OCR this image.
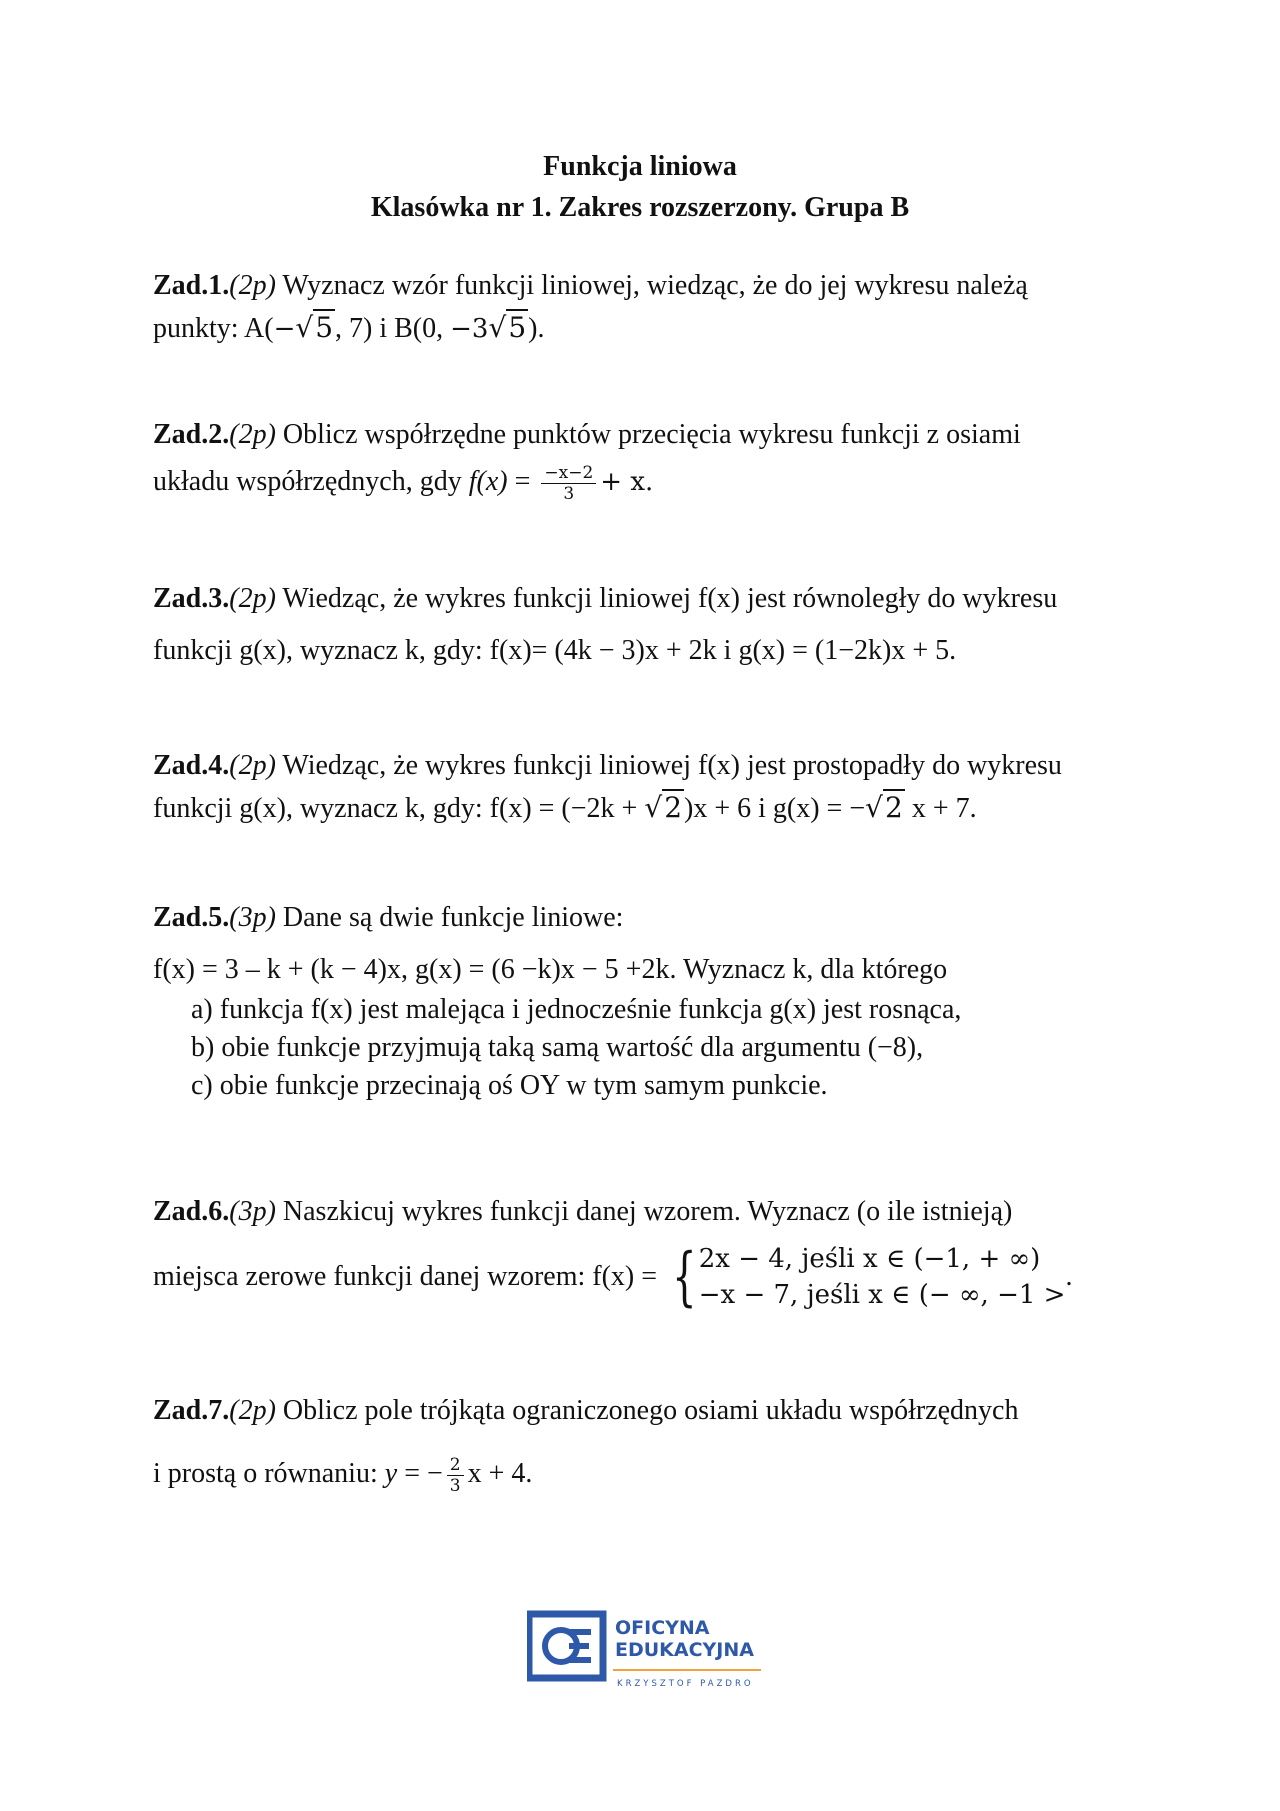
Funkcja liniowa
Klasówka nr 1. Zakres rozszerzony. Grupa B
Zad.1.(2p) Wyznacz wzór funkcji liniowej, wiedząc, że do jej wykresu należą
punkty: A(−√5, 7) i B(0, −3√5).
Zad.2.(2p) Oblicz współrzędne punktów przecięcia wykresu funkcji z osiami
układu współrzędnych, gdy $f(x) = \frac{-x-2}{3} + x$.
Zad.3.(2p) Wiedząc, że wykres funkcji liniowej f(x) jest równoległy do wykresu
funkcji g(x), wyznacz k, gdy: f(x)= (4k − 3)x + 2k i g(x) = (1−2k)x + 5.
Zad.4.(2p) Wiedząc, że wykres funkcji liniowej f(x) jest prostopadły do wykresu
funkcji g(x), wyznacz k, gdy: f(x) = (−2k + √2)x + 6 i g(x) = −√2 x + 7.
Zad.5.(3p) Dane są dwie funkcje liniowe:
f(x) = 3 – k + (k − 4)x, g(x) = (6 −k)x − 5 +2k. Wyznacz k, dla którego
a) funkcja f(x) jest malejąca i jednocześnie funkcja g(x) jest rosnąca,
b) obie funkcje przyjmują taką samą wartość dla argumentu (−8),
c) obie funkcje przecinają oś OY w tym samym punkcie.
Zad.6.(3p) Naszkicuj wykres funkcji danej wzorem. Wyznacz (o ile istnieją)
miejsca zerowe funkcji danej wzorem: f(x) = { 2x − 4, jeśli x ∈ (−1, + ∞)
−x − 7, jeśli x ∈ (− ∞, −1 >
.
Zad.7.(2p) Oblicz pole trójkąta ograniczonego osiami układu współrzędnych
i prostą o równaniu: y = − $\frac{2}{3}$ x + 4.
OFICYNA
EDUKACYJNA
KRZYSZTOF PAZDRO
